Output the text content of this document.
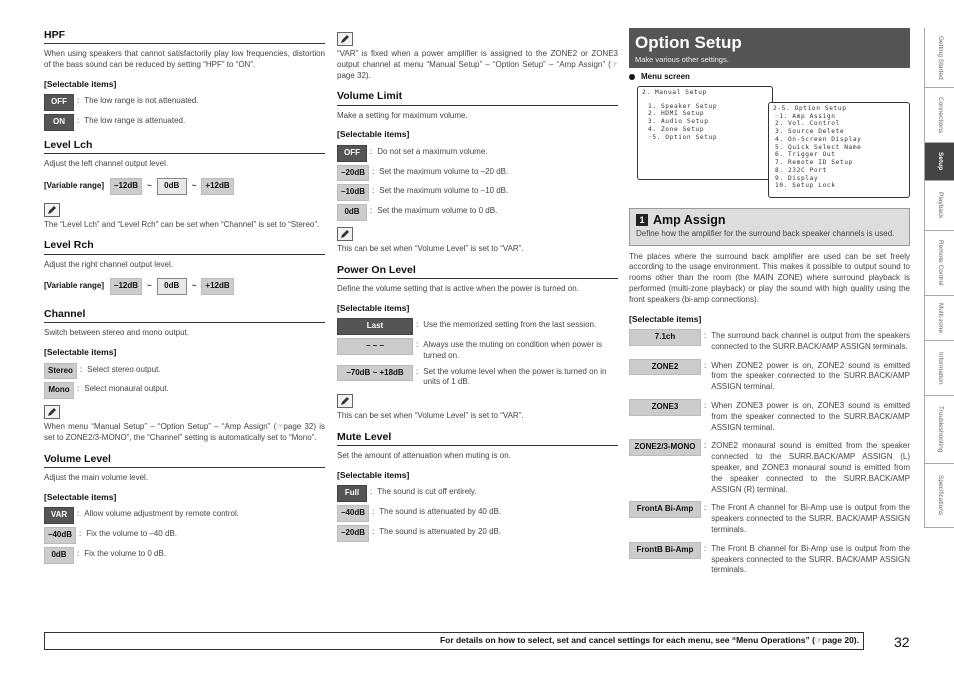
HPF
When using speakers that cannot satisfactorily play low frequencies, distortion of the bass sound can be reduced by setting “HPF” to “ON”.
[Selectable items]
OFF	: The low range is not attenuated.
ON	: The low range is attenuated.
Level Lch
Adjust the left channel output level.
[Variable range]	–12dB	~	0dB	~	+12dB
The “Level Lch” and “Level Rch” can be set when “Channel” is set to “Stereo”.
Level Rch
Adjust the right channel output level.
[Variable range]	–12dB	~	0dB	~	+12dB
Channel
Switch between stereo and mono output.
[Selectable items]
Stereo : Select stereo output.
Mono : Select monaural output.
When menu “Manual Setup” – “Option Setup” – “Amp Assign” (☞page 32) is set to ZONE2/3-MONO”, the “Channel” setting is automatically set to “Mono”.
Volume Level
Adjust the main volume level.
[Selectable items]
VAR	: Allow volume adjustment by remote control.
–40dB : Fix the volume to –40 dB.
0dB	: Fix the volume to 0 dB.
“VAR” is fixed when a power amplifier is assigned to the ZONE2 or ZONE3 output channel at menu “Manual Setup” – “Option Setup” – “Amp Assign” (☞page 32).
Volume Limit
Make a setting for maximum volume.
[Selectable items]
OFF	: Do not set a maximum volume.
–20dB : Set the maximum volume to –20 dB.
–10dB : Set the maximum volume to –10 dB.
0dB	: Set the maximum volume to 0 dB.
This can be set when “Volume Level” is set to “VAR”.
Power On Level
Define the volume setting that is active when the power is turned on.
[Selectable items]
Last	: Use the memorized setting from the last session.
– – –	: Always use the muting on condition when power is turned on.
–70dB ~ +18dB	: Set the volume level when the power is turned on in units of 1 dB.
This can be set when “Volume Level” is set to “VAR”.
Mute Level
Set the amount of attenuation when muting is on.
[Selectable items]
Full	: The sound is cut off entirely.
–40dB : The sound is attenuated by 40 dB.
–20dB : The sound is attenuated by 20 dB.
Option Setup
Make various other settings.
Menu screen
2. Manual Setup
1. Speaker Setup
2. HDMI Setup
3. Audio Setup
4. Zone Setup
☞5. Option Setup
2-5. Option Setup
☞1. Amp Assign
2. Vol. Control
3. Source Delete
4. On-Screen Display
5. Quick Select Name
6. Trigger Out
7. Remote ID Setup
8. 232C Port
9. Display
10. Setup Lock
1 Amp Assign
Define how the amplifier for the surround back speaker channels is used.
The places where the surround back amplifier are used can be set freely according to the usage environment. This makes it possible to output sound to rooms other than the room (the MAIN ZONE) where surround playback is performed (multi-zone playback) or play the sound with high quality using the front speakers (bi-amp connections).
[Selectable items]
7.1ch	: The surround back channel is output from the speakers connected to the SURR.BACK/AMP ASSIGN terminals.
ZONE2	: When ZONE2 power is on, ZONE2 sound is emitted from the speaker connected to the SURR.BACK/AMP ASSIGN terminal.
ZONE3	: When ZONE3 power is on, ZONE3 sound is emitted from the speaker connected to the SURR.BACK/AMP ASSIGN terminal.
ZONE2/3-MONO	: ZONE2 monaural sound is emitted from the speaker connected to the SURR.BACK/AMP ASSIGN (L) speaker, and ZONE3 monaural sound is emitted from the speaker connected to the SURR.BACK/AMP ASSIGN (R) terminal.
FrontA Bi-Amp	: The Front A channel for Bi-Amp use is output from the speakers connected to the SURR. BACK/AMP ASSIGN terminals.
FrontB Bi-Amp	: The Front B channel for Bi-Amp use is output from the speakers connected to the SURR. BACK/AMP ASSIGN terminals.
Getting Started
Connections
Setup
Playback
Remote Control
Multi-zone
Information
Troubleshooting
Specifications
For details on how to select, set and cancel settings for each menu, see “Menu Operations” ( ☞ page 20).	32
